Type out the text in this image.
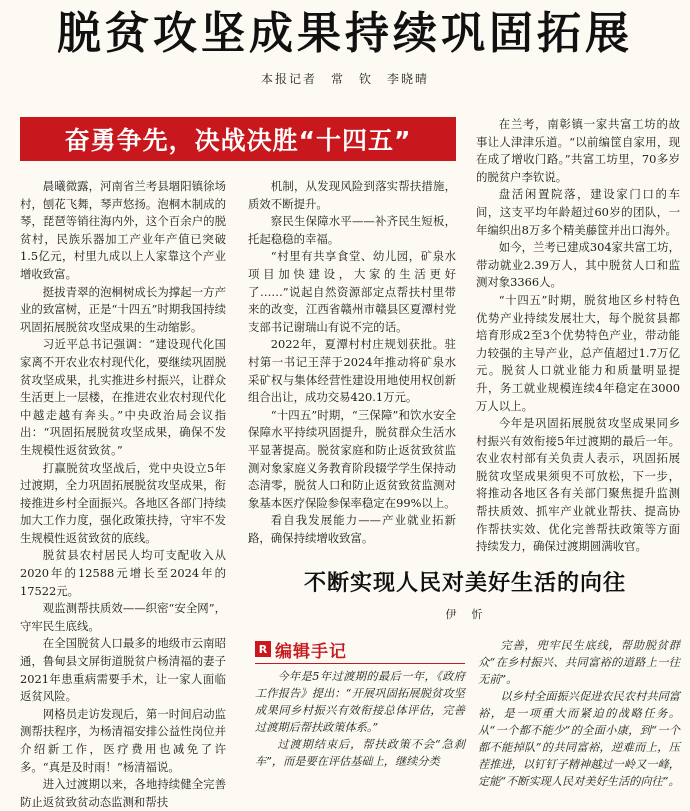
脱贫攻坚成果持续巩固拓展
本报记者　常　钦　李晓晴
奋勇争先，决战决胜“十四五”

晨曦微露，河南省兰考县堌阳镇徐场村，刨花飞舞，琴声悠扬。泡桐木制成的琴，琵琶等销往海内外，这个百余户的脱贫村，民族乐器加工产业年产值已突破1.5亿元，村里九成以上人家靠这个产业增收致富。

挺拔青翠的泡桐树成长为撑起一方产业的致富树，正是“十四五”时期我国持续巩固拓展脱贫攻坚成果的生动缩影。

习近平总书记强调：“建设现代化国家离不开农业农村现代化，要继续巩固脱贫攻坚成果，扎实推进乡村振兴，让群众生活更上一层楼，在推进农业农村现代化中越走越有奔头。”中央政治局会议指出：“巩固拓展脱贫攻坚成果，确保不发生规模性返贫致贫。”

打赢脱贫攻坚战后，党中央设立5年过渡期，全力巩固拓展脱贫攻坚成果，衔接推进乡村全面振兴。各地区各部门持续加大工作力度，强化政策扶持，守牢不发生规模性返贫致贫的底线。

脱贫县农村居民人均可支配收入从2020年的12588元增长至2024年的17522元。

观监测帮扶质效——织密“安全网”，守牢民生底线。

在全国脱贫人口最多的地级市云南昭通，鲁甸县文屏街道脱贫户杨清福的妻子2021年患重病需要手术，让一家人面临返贫风险。

网格员走访发现后，第一时间启动监测帮扶程序，为杨清福安排公益性岗位并介绍新工作，医疗费用也减免了许多。“真是及时雨！”杨清福说。

进入过渡期以来，各地持续健全完善防止返贫致贫动态监测和帮扶

机制，从发现风险到落实帮扶措施，质效不断提升。

察民生保障水平——补齐民生短板，托起稳稳的幸福。

“村里有共享食堂、幼儿园，矿泉水项目加快建设，大家的生活更好了……”说起自然资源部定点帮扶村里带来的改变，江西省赣州市赣县区夏潭村党支部书记谢瑞山有说不完的话。

2022年，夏潭村村庄规划获批。驻村第一书记王萍于2024年推动将矿泉水采矿权与集体经营性建设用地使用权创新组合出让，成功交易420.1万元。

“十四五”时期，“三保障”和饮水安全保障水平持续巩固提升，脱贫群众生活水平显著提高。脱贫家庭和防止返贫致贫监测对象家庭义务教育阶段辍学学生保持动态清零，脱贫人口和防止返贫致贫监测对象基本医疗保险参保率稳定在99%以上。

看自我发展能力——产业就业拓新路，确保持续增收致富。

在兰考，南彰镇一家共富工坊的故事让人津津乐道。“以前编筐自家用，现在成了增收门路。”共富工坊里，70多岁的脱贫户李钦说。

盘活闲置院落，建设家门口的车间，这支平均年龄超过60岁的团队，一年编织出8万多个精美藤筐并出口海外。

如今，兰考已建成304家共富工坊，带动就业2.39万人，其中脱贫人口和监测对象3366人。

“十四五”时期，脱贫地区乡村特色优势产业持续发展壮大，每个脱贫县都培育形成2至3个优势特色产业，带动能力较强的主导产业，总产值超过1.7万亿元。脱贫人口就业能力和质量明显提升，务工就业规模连续4年稳定在3000万人以上。

今年是巩固拓展脱贫攻坚成果同乡村振兴有效衔接5年过渡期的最后一年。农业农村部有关负责人表示，巩固拓展脱贫攻坚成果须臾不可放松，下一步，将推动各地区各有关部门聚焦提升监测帮扶质效、抓牢产业就业帮扶、提高协作帮扶实效、优化完善帮扶政策等方面持续发力，确保过渡期圆满收官。

不断实现人民对美好生活的向往
伊　忻
R 编辑手记

今年是5年过渡期的最后一年，《政府工作报告》提出：“开展巩固拓展脱贫攻坚成果同乡村振兴有效衔接总体评估，完善过渡期后帮扶政策体系。”

过渡期结束后，帮扶政策不会“急刹车”，而是要在评估基础上，继续分类

完善，兜牢民生底线，帮助脱贫群众“在乡村振兴、共同富裕的道路上一往无前”。

以乡村全面振兴促进农民农村共同富裕，是一项重大而紧迫的战略任务。从“一个都不能少”的全面小康，到“一个都不能掉队”的共同富裕，逆难而上，压茬推进，以钉钉子精神越过一岭又一峰，定能“不断实现人民对美好生活的向往”。
